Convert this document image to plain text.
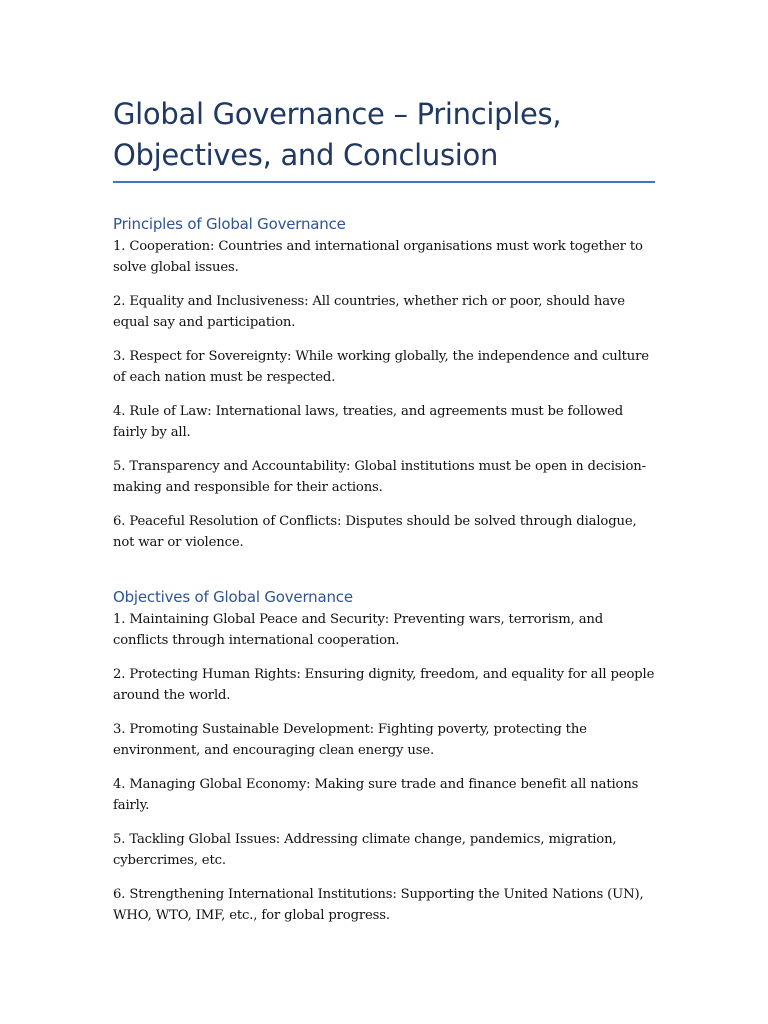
Global Governance – Principles, Objectives, and Conclusion
Principles of Global Governance
1. Cooperation: Countries and international organisations must work together to solve global issues.
2. Equality and Inclusiveness: All countries, whether rich or poor, should have equal say and participation.
3. Respect for Sovereignty: While working globally, the independence and culture of each nation must be respected.
4. Rule of Law: International laws, treaties, and agreements must be followed fairly by all.
5. Transparency and Accountability: Global institutions must be open in decision-making and responsible for their actions.
6. Peaceful Resolution of Conflicts: Disputes should be solved through dialogue, not war or violence.
Objectives of Global Governance
1. Maintaining Global Peace and Security: Preventing wars, terrorism, and conflicts through international cooperation.
2. Protecting Human Rights: Ensuring dignity, freedom, and equality for all people around the world.
3. Promoting Sustainable Development: Fighting poverty, protecting the environment, and encouraging clean energy use.
4. Managing Global Economy: Making sure trade and finance benefit all nations fairly.
5. Tackling Global Issues: Addressing climate change, pandemics, migration, cybercrimes, etc.
6. Strengthening International Institutions: Supporting the United Nations (UN), WHO, WTO, IMF, etc., for global progress.
